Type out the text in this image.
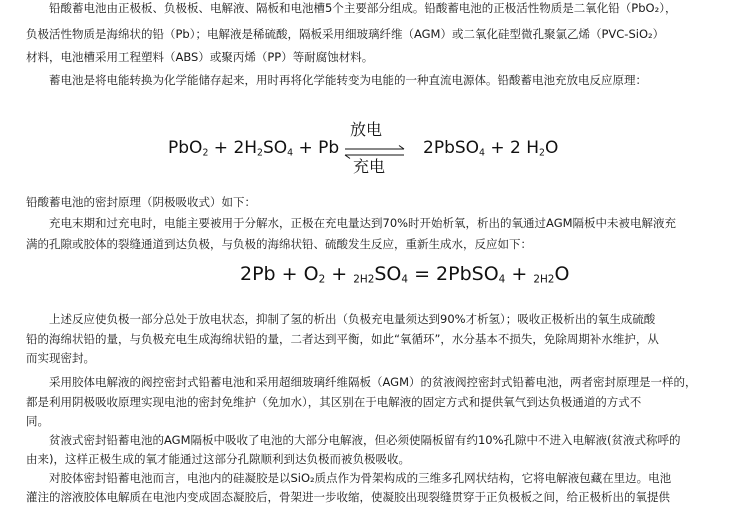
铅酸蓄电池由正极板、负极板、电解液、隔板和电池槽5个主要部分组成。铅酸蓄电池的正极活性物质是二氧化铅（PbO₂），

负极活性物质是海绵状的铅（Pb）；电解液是稀硫酸，隔板采用细玻璃纤维（AGM）或二氧化硅型微孔聚氯乙烯（PVC-SiO₂）

材料，电池槽采用工程塑料（ABS）或聚丙烯（PP）等耐腐蚀材料。

蓄电池是将电能转换为化学能储存起来，用时再将化学能转变为电能的一种直流电源体。铅酸蓄电池充放电反应原理：

$PbO_2 + 2H_2SO_4 + Pb$
放电
充电
2PbSO$_4$ + 2 $H_2O$

铅酸蓄电池的密封原理（阴极吸收式）如下：

充电末期和过充电时，电能主要被用于分解水，正极在充电量达到70%时开始析氧，析出的氧通过AGM隔板中未被电解液充

满的孔隙或胶体的裂缝通道到达负极，与负极的海绵状铅、硫酸发生反应，重新生成水，反应如下：

$2Pb + O_2 + _{2H2}SO_4$ = 2PbSO$_4$ + $_{2H2}$O

上述反应使负极一部分总处于放电状态，抑制了氢的析出（负极充电量须达到90%才析氢）；吸收正极析出的氧生成硫酸

铅的海绵状铅的量，与负极充电生成海绵状铅的量，二者达到平衡，如此“氧循环”，水分基本不损失，免除周期补水维护，从

而实现密封。

采用胶体电解液的阀控密封式铅蓄电池和采用超细玻璃纤维隔板（AGM）的贫液阀控密封式铅蓄电池，两者密封原理是一样的，

都是利用阴极吸收原理实现电池的密封免维护（免加水），其区别在于电解液的固定方式和提供氧气到达负极通道的方式不

同。

贫液式密封铅蓄电池的AGM隔板中吸收了电池的大部分电解液，但必须使隔板留有约10%孔隙中不进入电解液(贫液式称呼的

由来)，这样正极生成的氧才能通过这部分孔隙顺利到达负极而被负极吸收。

对胶体密封铅蓄电池而言，电池内的硅凝胶是以SiO₂质点作为骨架构成的三维多孔网状结构，它将电解液包藏在里边。电池

灌注的溶液胶体电解质在电池内变成固态凝胶后，骨架进一步收缩，使凝胶出现裂缝贯穿于正负极板之间，给正极析出的氧提供
